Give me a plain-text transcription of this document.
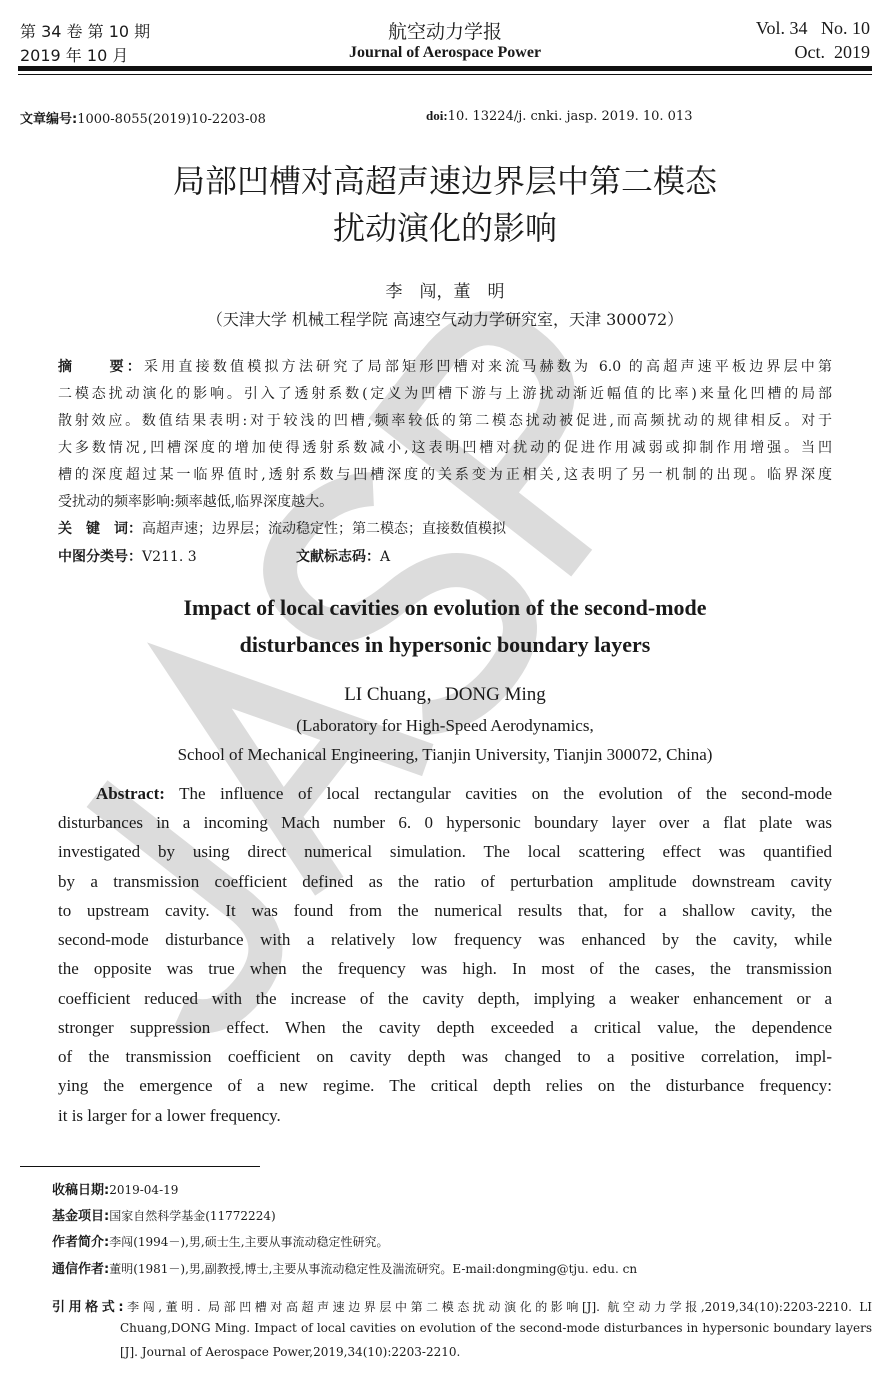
第 34 卷 第 10 期
2019 年 10 月
航空动力学报
Journal of Aerospace Power
Vol. 34   No. 10
Oct.  2019
文章编号:1000-8055(2019)10-2203-08	doi:10. 13224/j. cnki. jasp. 2019. 10. 013
局部凹槽对高超声速边界层中第二模态
扰动演化的影响
李　闯，董　明
（天津大学 机械工程学院 高速空气动力学研究室，天津 300072）
摘　　要：采用直接数值模拟方法研究了局部矩形凹槽对来流马赫数为 6.0 的高超声速平板边界层中第
二模态扰动演化的影响。引入了透射系数(定义为凹槽下游与上游扰动渐近幅值的比率)来量化凹槽的局部
散射效应。数值结果表明:对于较浅的凹槽,频率较低的第二模态扰动被促进,而高频扰动的规律相反。对于
大多数情况,凹槽深度的增加使得透射系数减小,这表明凹槽对扰动的促进作用减弱或抑制作用增强。当凹
槽的深度超过某一临界值时,透射系数与凹槽深度的关系变为正相关,这表明了另一机制的出现。临界深度
受扰动的频率影响:频率越低,临界深度越大。
关　键　词：高超声速；边界层；流动稳定性；第二模态；直接数值模拟
中图分类号：V211. 3	文献标志码：A
Impact of local cavities on evolution of the second-mode
disturbances in hypersonic boundary layers
LI Chuang，DONG Ming
(Laboratory for High-Speed Aerodynamics,
School of Mechanical Engineering, Tianjin University, Tianjin 300072, China)
Abstract: The influence of local rectangular cavities on the evolution of the second-mode
disturbances in a incoming Mach number 6. 0 hypersonic boundary layer over a flat plate was
investigated by using direct numerical simulation. The local scattering effect was quantified
by a transmission coefficient defined as the ratio of perturbation amplitude downstream cavity
to upstream cavity. It was found from the numerical results that, for a shallow cavity, the
second-mode disturbance with a relatively low frequency was enhanced by the cavity, while
the opposite was true when the frequency was high. In most of the cases, the transmission
coefficient reduced with the increase of the cavity depth, implying a weaker enhancement or a
stronger suppression effect. When the cavity depth exceeded a critical value, the dependence
of the transmission coefficient on cavity depth was changed to a positive correlation, impl-
ying the emergence of a new regime. The critical depth relies on the disturbance frequency:
it is larger for a lower frequency.
收稿日期:2019-04-19
基金项目:国家自然科学基金(11772224)
作者简介:李闯(1994－),男,硕士生,主要从事流动稳定性研究。
通信作者:董明(1981－),男,副教授,博士,主要从事流动稳定性及湍流研究。E-mail:dongming@tju. edu. cn
引用格式:李闯,董明. 局部凹槽对高超声速边界层中第二模态扰动演化的影响[J]. 航空动力学报,2019,34(10):2203-2210. LI
Chuang,DONG Ming. Impact of local cavities on evolution of the second-mode disturbances in hypersonic boundary layers
[J]. Journal of Aerospace Power,2019,34(10):2203-2210.
